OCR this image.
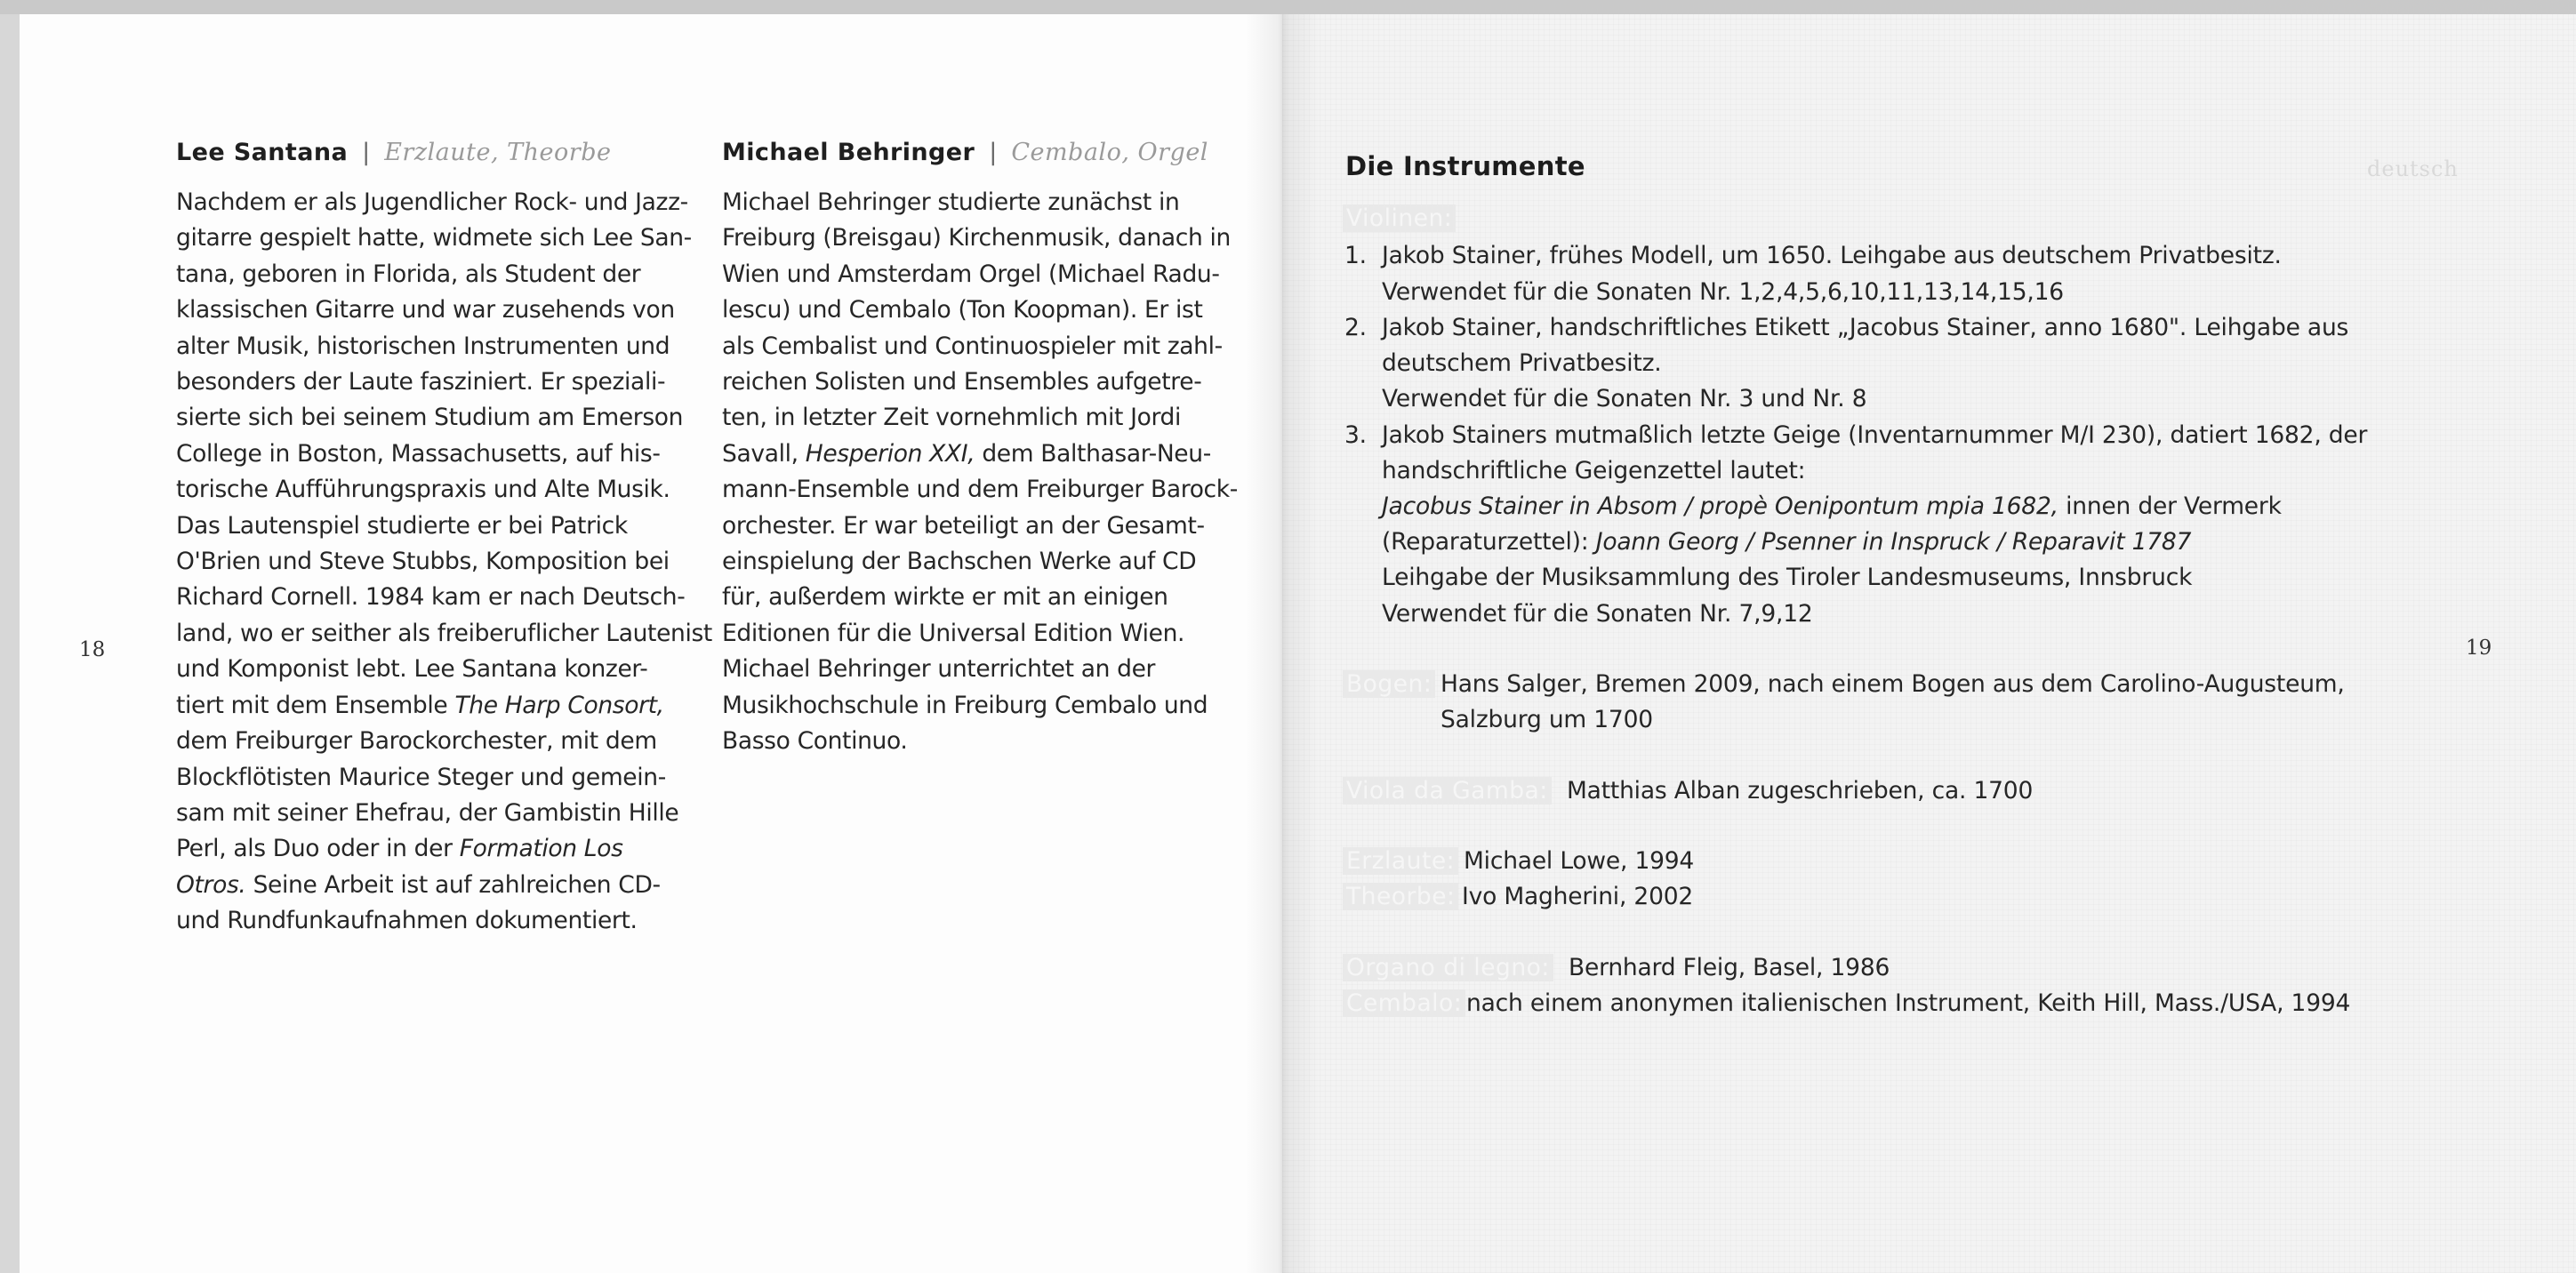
Lee Santana | Erzlaute, Theorbe

Nachdem er als Jugendlicher Rock- und Jazz-

gitarre gespielt hatte, widmete sich Lee San-

tana, geboren in Florida, als Student der

klassischen Gitarre und war zusehends von

alter Musik, historischen Instrumenten und

besonders der Laute fasziniert. Er speziali-

sierte sich bei seinem Studium am Emerson

College in Boston, Massachusetts, auf his-

torische Aufführungspraxis und Alte Musik.

Das Lautenspiel studierte er bei Patrick

O'Brien und Steve Stubbs, Komposition bei

Richard Cornell. 1984 kam er nach Deutsch-

land, wo er seither als freiberuflicher Lautenist

und Komponist lebt. Lee Santana konzer-

tiert mit dem Ensemble The Harp Consort,

dem Freiburger Barockorchester, mit dem

Blockflötisten Maurice Steger und gemein-

sam mit seiner Ehefrau, der Gambistin Hille

Perl, als Duo oder in der Formation Los

Otros. Seine Arbeit ist auf zahlreichen CD-

und Rundfunkaufnahmen dokumentiert.

Michael Behringer | Cembalo, Orgel

Michael Behringer studierte zunächst in

Freiburg (Breisgau) Kirchenmusik, danach in

Wien und Amsterdam Orgel (Michael Radu-

lescu) und Cembalo (Ton Koopman). Er ist

als Cembalist und Continuospieler mit zahl-

reichen Solisten und Ensembles aufgetre-

ten, in letzter Zeit vornehmlich mit Jordi

Savall, Hesperion XXI, dem Balthasar-Neu-

mann-Ensemble und dem Freiburger Barock-

orchester. Er war beteiligt an der Gesamt-

einspielung der Bachschen Werke auf CD

für, außerdem wirkte er mit an einigen

Editionen für die Universal Edition Wien.

Michael Behringer unterrichtet an der

Musikhochschule in Freiburg Cembalo und

Basso Continuo.

18
Die Instrumente	deutsch
Violinen:
1. Jakob Stainer, frühes Modell, um 1650. Leihgabe aus deutschem Privatbesitz.
Verwendet für die Sonaten Nr. 1,2,4,5,6,10,11,13,14,15,16
2. Jakob Stainer, handschriftliches Etikett „Jacobus Stainer, anno 1680". Leihgabe aus
deutschem Privatbesitz.
Verwendet für die Sonaten Nr. 3 und Nr. 8
3. Jakob Stainers mutmaßlich letzte Geige (Inventarnummer M/I 230), datiert 1682, der
handschriftliche Geigenzettel lautet:
Jacobus Stainer in Absom / propè Oenipontum mpia 1682, innen der Vermerk
(Reparaturzettel): Joann Georg / Psenner in Inspruck / Reparavit 1787
Leihgabe der Musiksammlung des Tiroler Landesmuseums, Innsbruck
Verwendet für die Sonaten Nr. 7,9,12
Bogen: Hans Salger, Bremen 2009, nach einem Bogen aus dem Carolino-Augusteum,
Salzburg um 1700
Viola da Gamba: Matthias Alban zugeschrieben, ca. 1700
Erzlaute: Michael Lowe, 1994
Theorbe: Ivo Magherini, 2002
Organo di legno: Bernhard Fleig, Basel, 1986
Cembalo: nach einem anonymen italienischen Instrument, Keith Hill, Mass./USA, 1994
19
